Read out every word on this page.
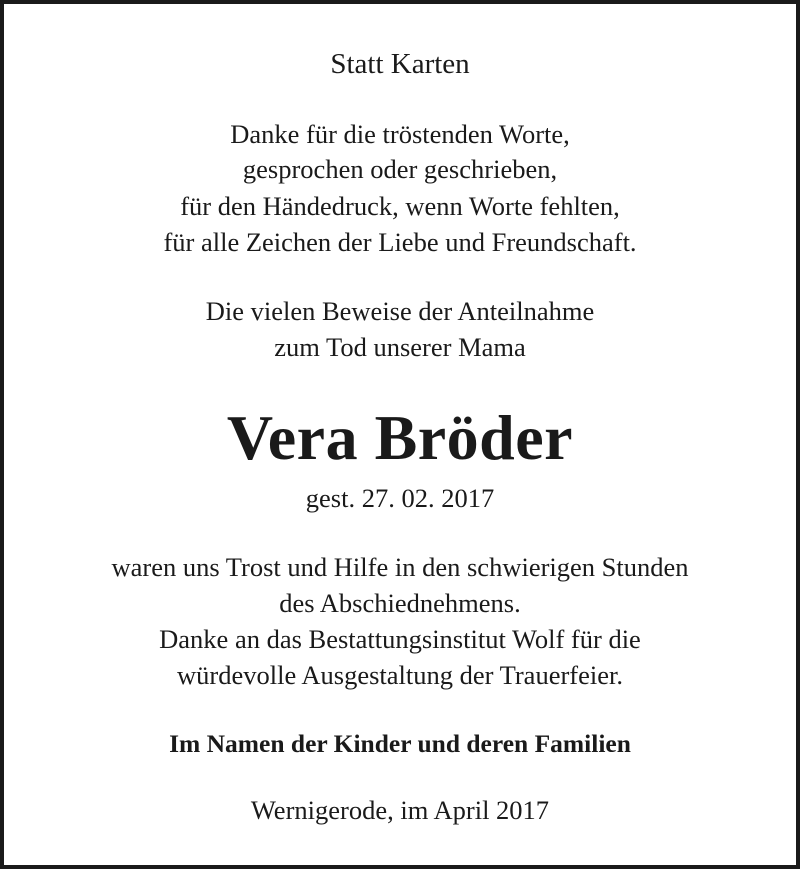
Statt Karten
Danke für die tröstenden Worte,
gesprochen oder geschrieben,
für den Händedruck, wenn Worte fehlten,
für alle Zeichen der Liebe und Freundschaft.
Die vielen Beweise der Anteilnahme
zum Tod unserer Mama
Vera Bröder
gest. 27. 02. 2017
waren uns Trost und Hilfe in den schwierigen Stunden
des Abschiednehmens.
Danke an das Bestattungsinstitut Wolf für die
würdevolle Ausgestaltung der Trauerfeier.
Im Namen der Kinder und deren Familien
Wernigerode, im April 2017
